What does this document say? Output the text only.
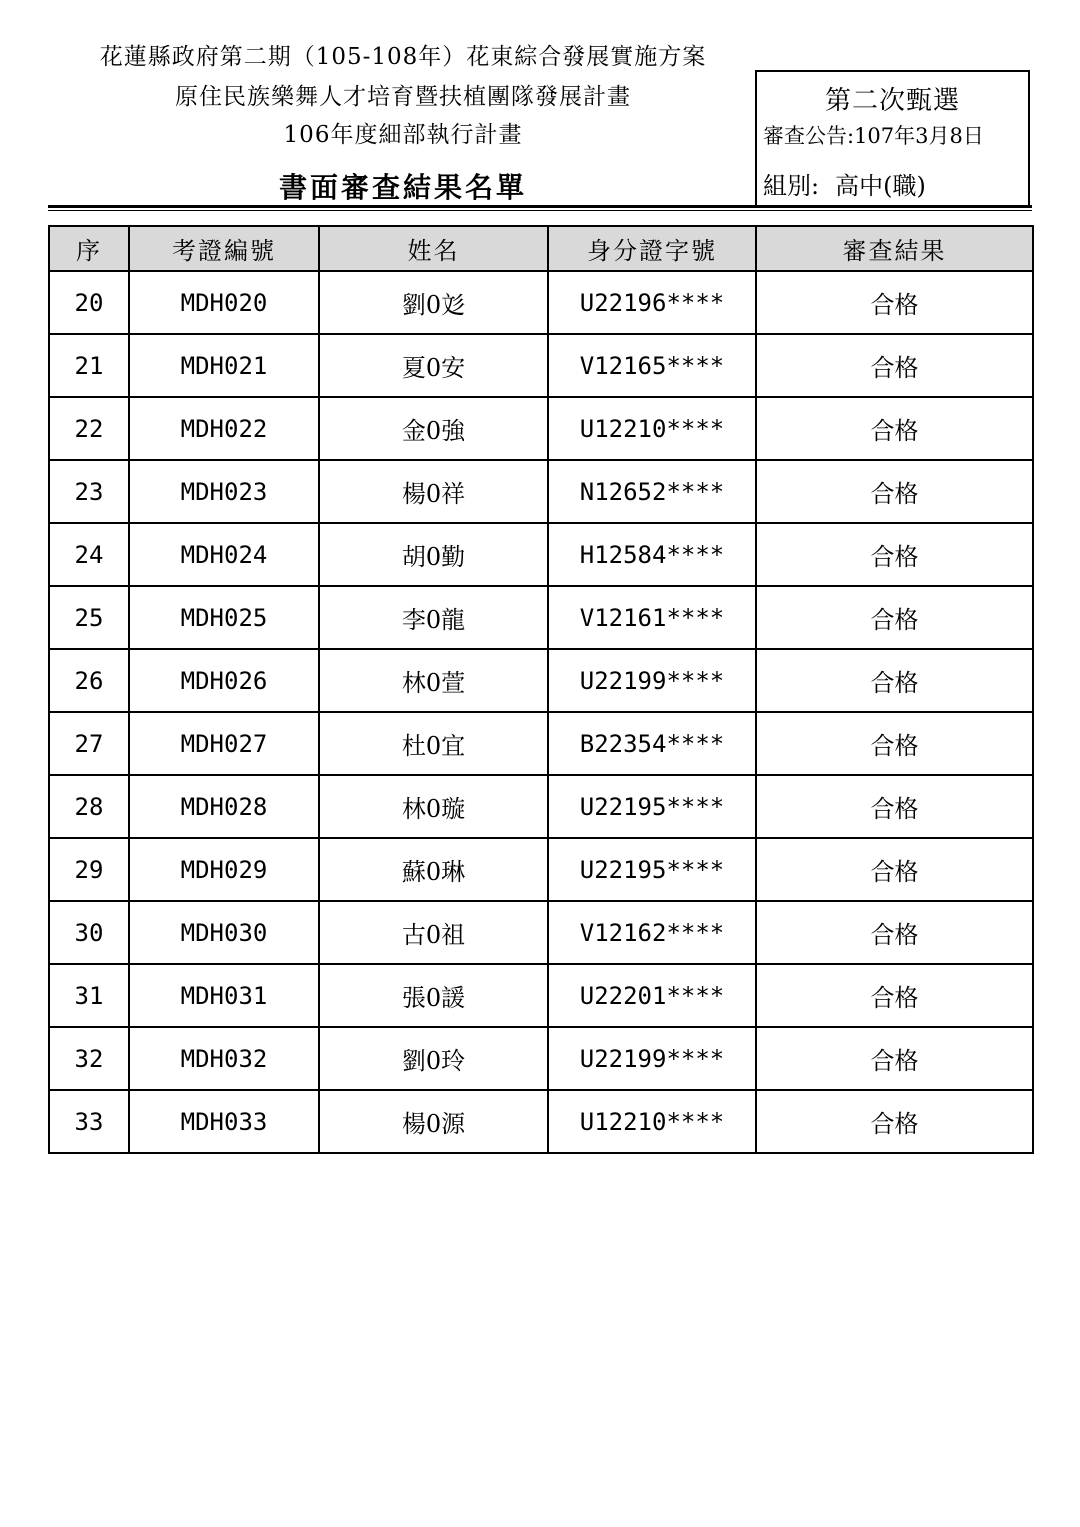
花蓮縣政府第二期（105-108年）花東綜合發展實施方案
原住民族樂舞人才培育暨扶植團隊發展計畫
106年度細部執行計畫
書面審查結果名單
第二次甄選
審查公告:107年3月8日
組別: 高中(職)
序	考證編號	姓名	身分證字號	審查結果
20	MDH020	劉0彣	U22196****	合格
21	MDH021	夏0安	V12165****	合格
22	MDH022	金0強	U12210****	合格
23	MDH023	楊0祥	N12652****	合格
24	MDH024	胡0勤	H12584****	合格
25	MDH025	李0龍	V12161****	合格
26	MDH026	林0萱	U22199****	合格
27	MDH027	杜0宜	B22354****	合格
28	MDH028	林0璇	U22195****	合格
29	MDH029	蘇0琳	U22195****	合格
30	MDH030	古0祖	V12162****	合格
31	MDH031	張0諼	U22201****	合格
32	MDH032	劉0玲	U22199****	合格
33	MDH033	楊0源	U12210****	合格
